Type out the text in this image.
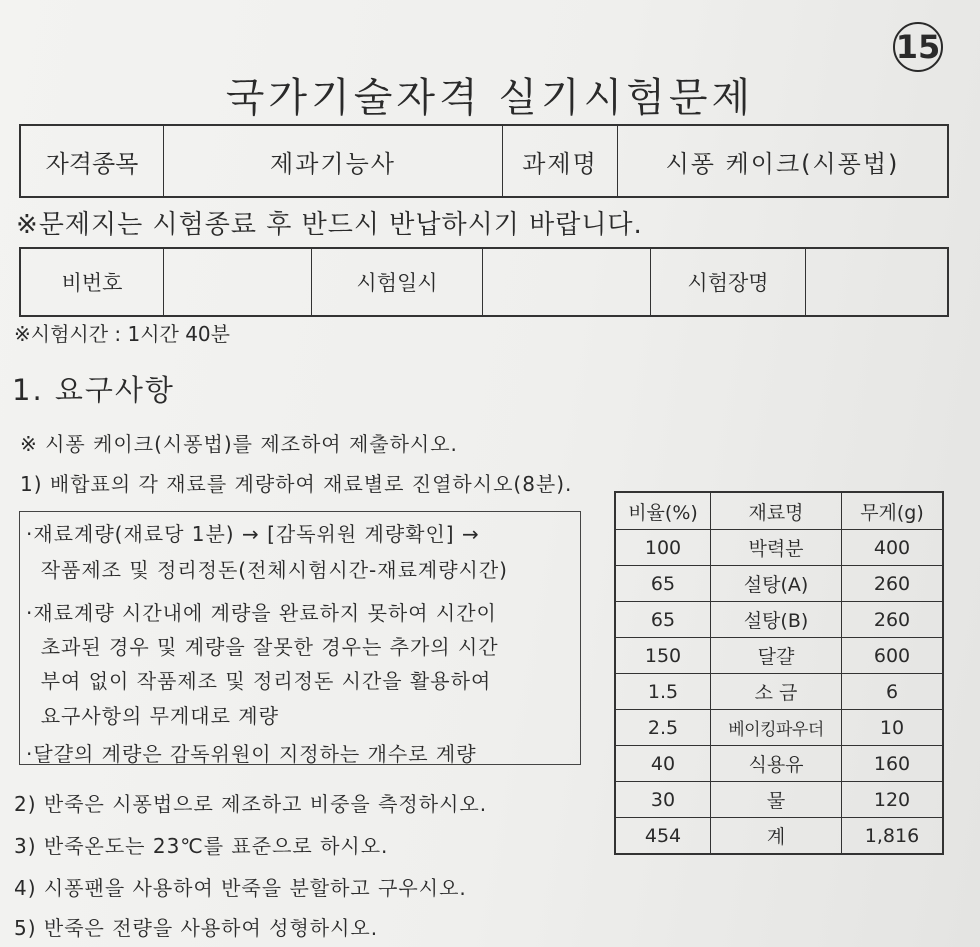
15
국가기술자격 실기시험문제
자격종목	제과기능사	과제명	시퐁 케이크(시퐁법)
※문제지는 시험종료 후 반드시 반납하시기 바랍니다.
비번호		시험일시		시험장명	
※시험시간 : 1시간 40분
1. 요구사항
※ 시퐁 케이크(시퐁법)를 제조하여 제출하시오.
1) 배합표의 각 재료를 계량하여 재료별로 진열하시오(8분).
·재료계량(재료당 1분) → [감독위원 계량확인] →
작품제조 및 정리정돈(전체시험시간-재료계량시간)
·재료계량 시간내에 계량을 완료하지 못하여 시간이
초과된 경우 및 계량을 잘못한 경우는 추가의 시간
부여 없이 작품제조 및 정리정돈 시간을 활용하여
요구사항의 무게대로 계량
·달걀의 계량은 감독위원이 지정하는 개수로 계량
2) 반죽은 시퐁법으로 제조하고 비중을 측정하시오.
3) 반죽온도는 23℃를 표준으로 하시오.
4) 시퐁팬을 사용하여 반죽을 분할하고 구우시오.
5) 반죽은 전량을 사용하여 성형하시오.
비율(%)	재료명	무게(g)
100	박력분	400
65	설탕(A)	260
65	설탕(B)	260
150	달걀	600
1.5	소 금	6
2.5	베이킹파우더	10
40	식용유	160
30	물	120
454	계	1,816
